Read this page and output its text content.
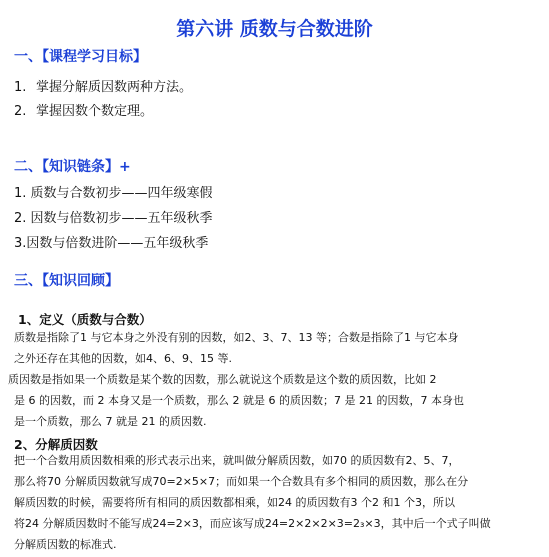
第六讲 质数与合数进阶
一、【课程学习目标】
1. 掌握分解质因数两种方法。
2. 掌握因数个数定理。
二、【知识链条】+
1. 质数与合数初步——四年级寒假
2. 因数与倍数初步——五年级秋季
3.因数与倍数进阶——五年级秋季
三、【知识回顾】
1、定义（质数与合数）
质数是指除了1 与它本身之外没有别的因数，如2、3、7、13 等；合数是指除了1 与它本身
之外还存在其他的因数，如4、6、9、15 等.
质因数是指如果一个质数是某个数的因数，那么就说这个质数是这个数的质因数，比如 2
是 6 的因数，而 2 本身又是一个质数，那么 2 就是 6 的质因数；7 是 21 的因数，7 本身也
是一个质数，那么 7 就是 21 的质因数.
2、分解质因数
把一个合数用质因数相乘的形式表示出来，就叫做分解质因数，如70 的质因数有2、5、7，
那么将70 分解质因数就写成70=2×5×7；而如果一个合数具有多个相同的质因数，那么在分
解质因数的时候，需要将所有相同的质因数都相乘，如24 的质因数有3 个2 和1 个3，所以
将24 分解质因数时不能写成24=2×3，而应该写成24=2×2×2×3=2₃×3，其中后一个式子叫做
分解质因数的标准式.
